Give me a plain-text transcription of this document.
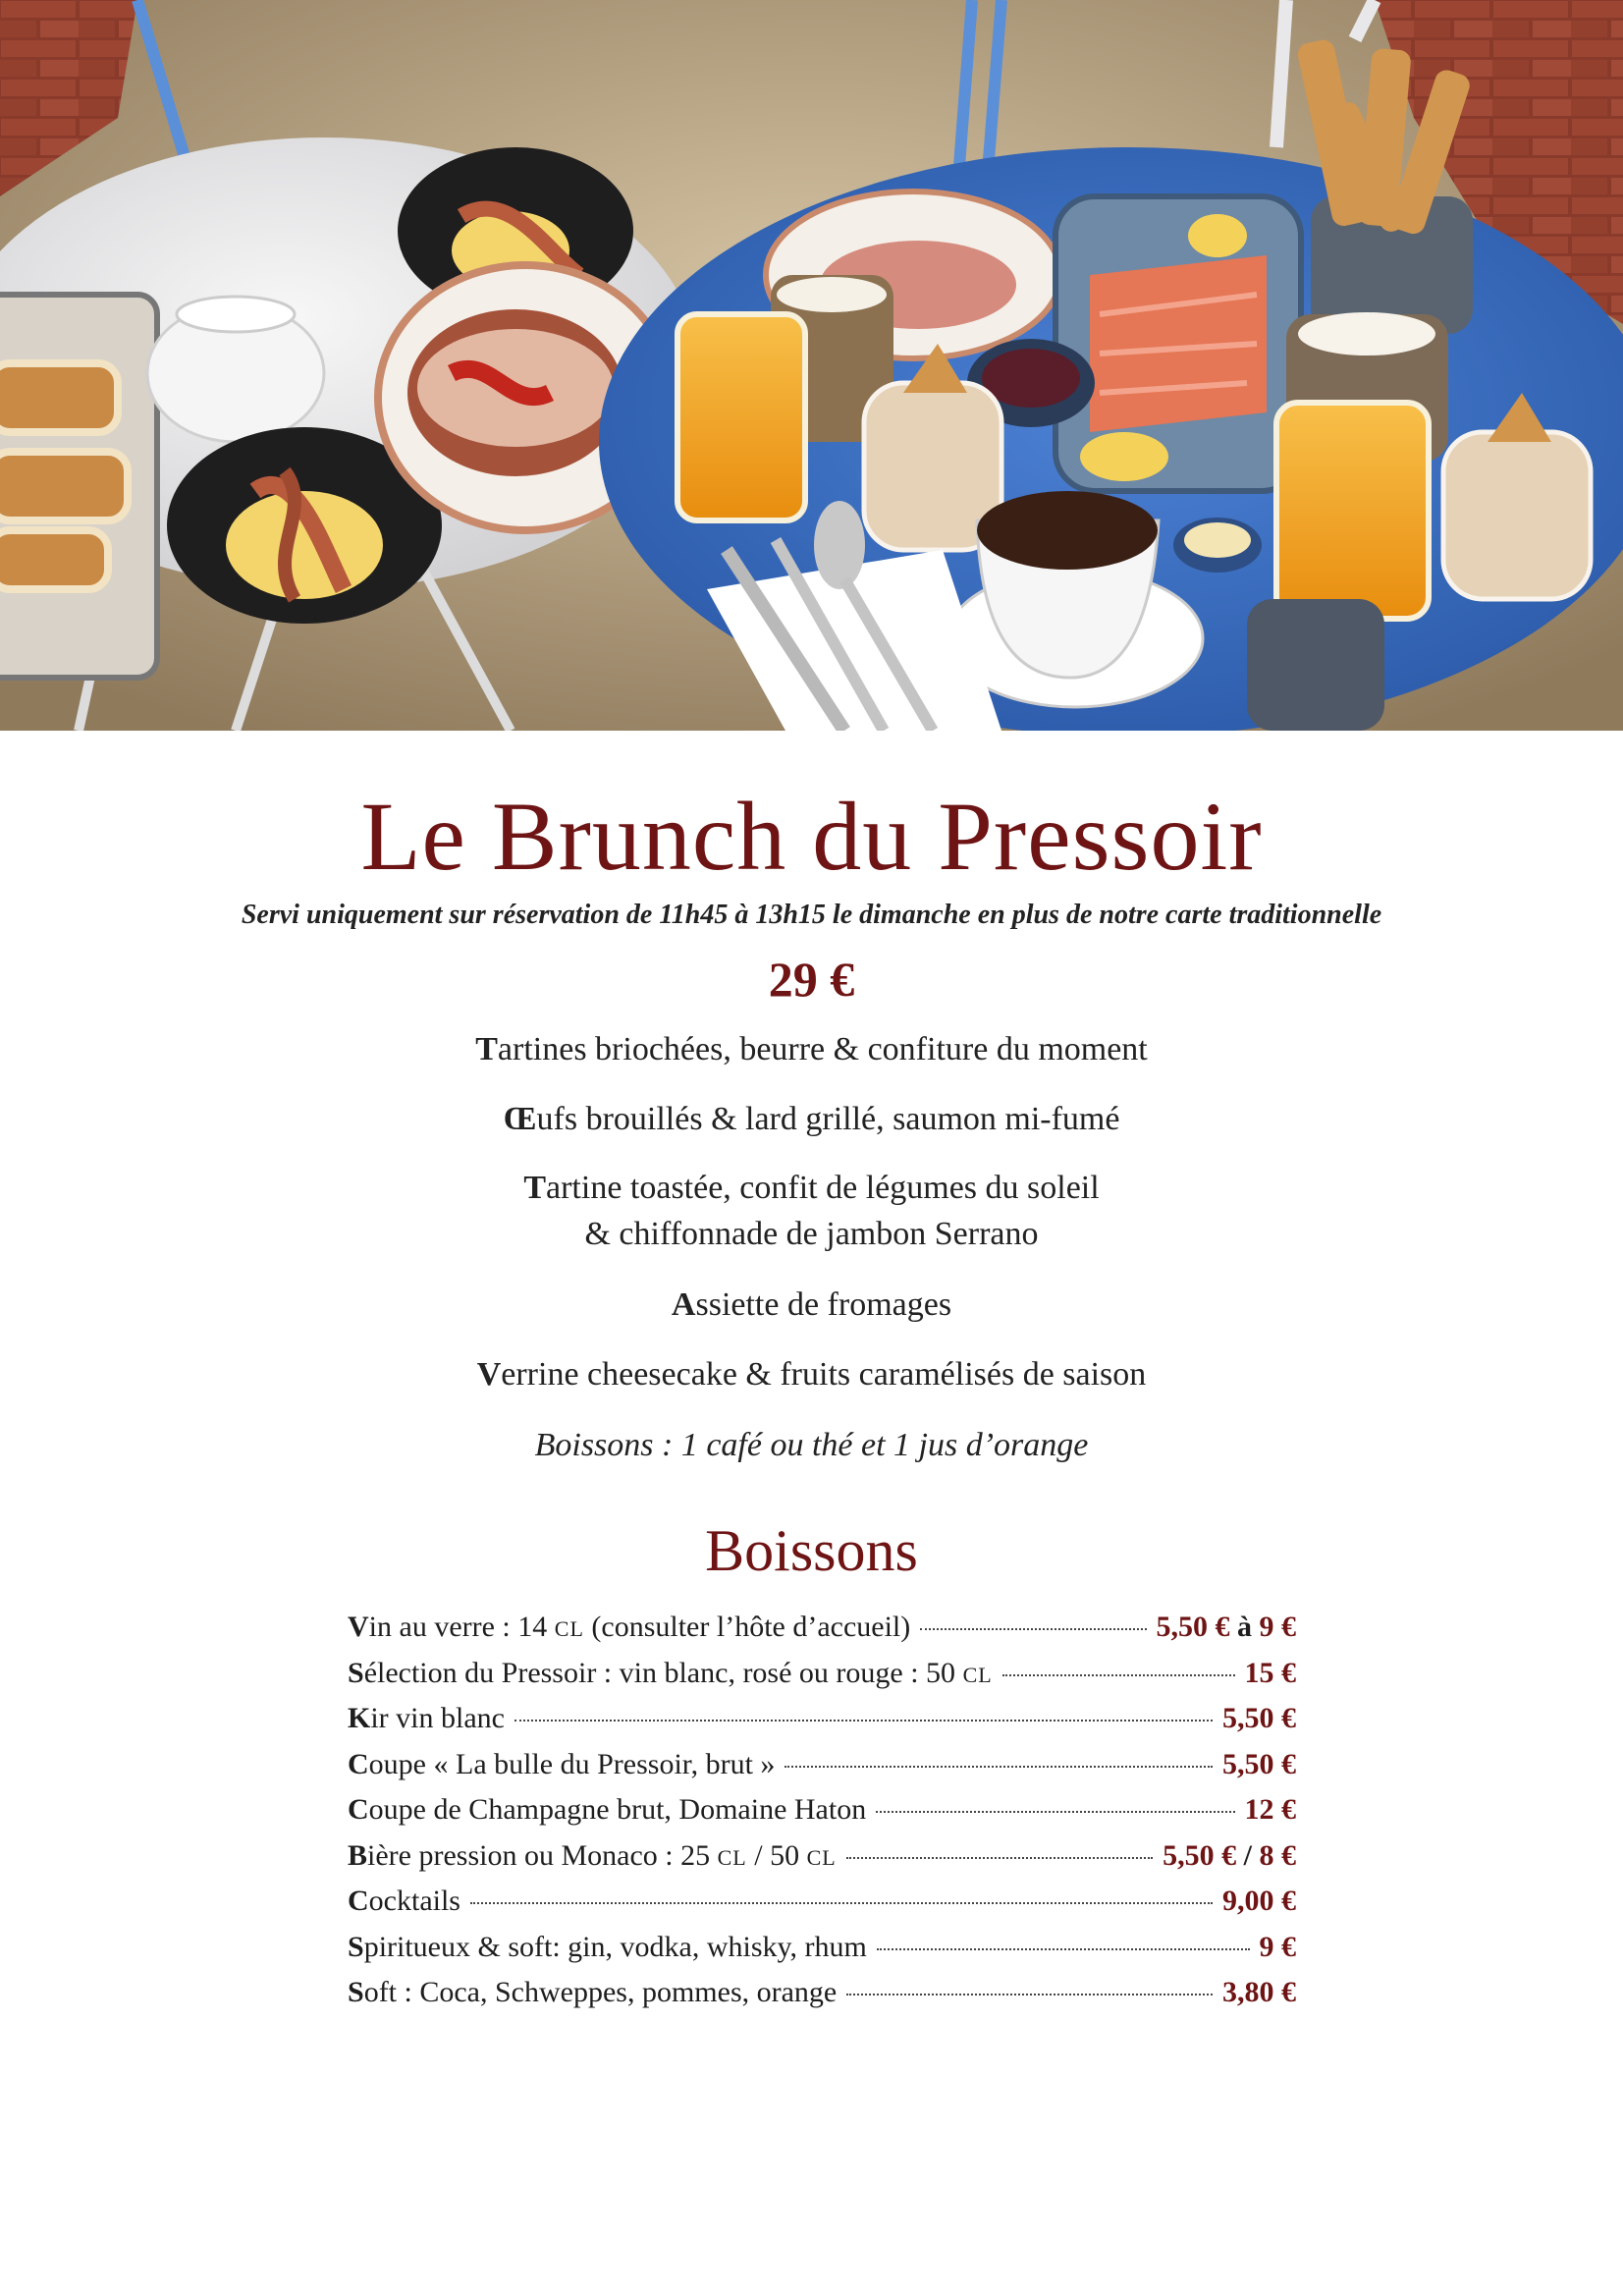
Le Brunch du Pressoir
Servi uniquement sur réservation de 11h45 à 13h15 le dimanche en plus de notre carte traditionnelle
29 €
Tartines briochées, beurre & confiture du moment
Œufs brouillés & lard grillé, saumon mi-fumé
Tartine toastée, confit de légumes du soleil
& chiffonnade de jambon Serrano
Assiette de fromages
Verrine cheesecake & fruits caramélisés de saison
Boissons : 1 café ou thé et 1 jus d’orange
Boissons
Vin au verre : 14 CL (consulter l’hôte d’accueil)	5,50 € à 9 €
Sélection du Pressoir : vin blanc, rosé ou rouge : 50 CL	15 €
Kir vin blanc	5,50 €
Coupe « La bulle du Pressoir, brut »	5,50 €
Coupe de Champagne brut, Domaine Haton	12 €
Bière pression ou Monaco : 25 CL / 50 CL	5,50 € / 8 €
Cocktails	9,00 €
Spiritueux & soft: gin, vodka, whisky, rhum	9 €
Soft : Coca, Schweppes, pommes, orange	3,80 €
